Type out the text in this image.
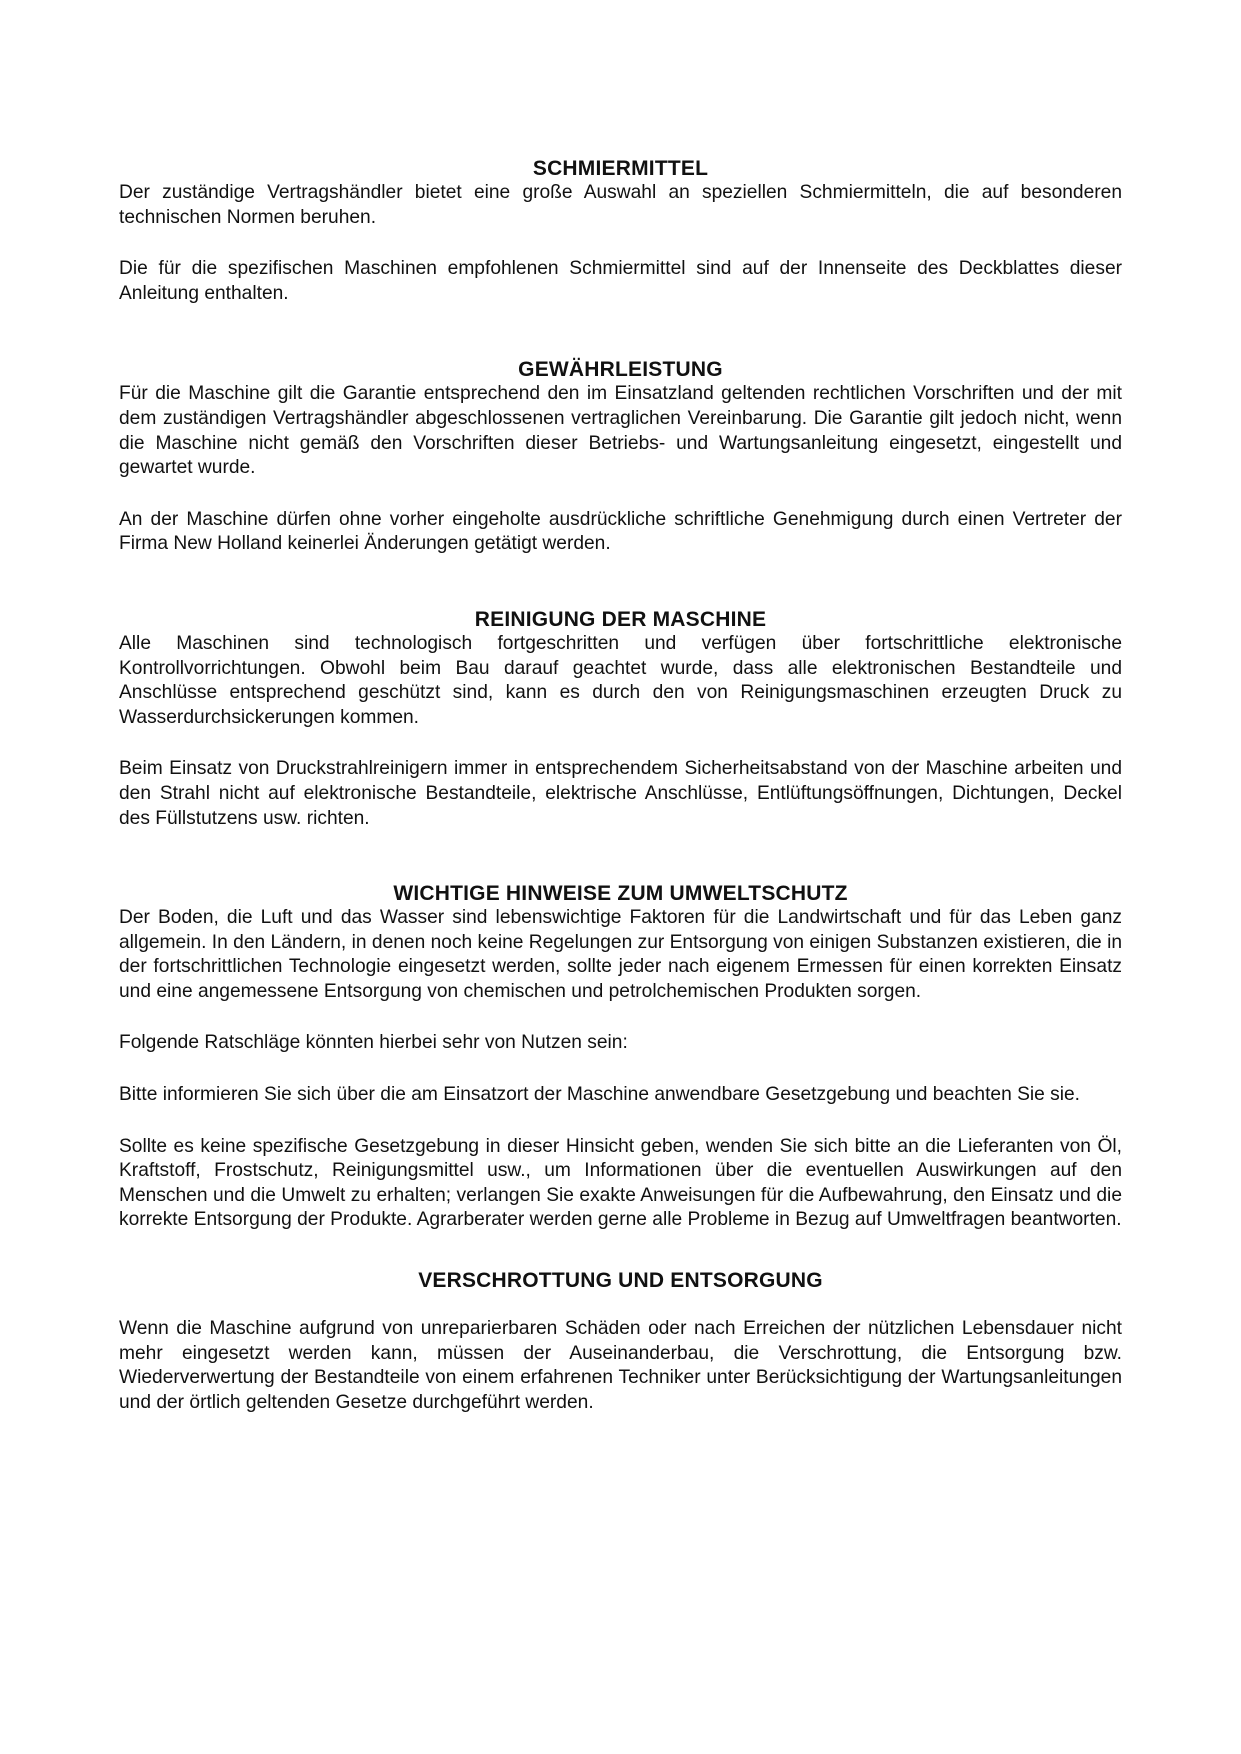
SCHMIERMITTEL

Der zuständige Vertragshändler bietet eine große Auswahl an speziellen Schmiermitteln, die auf besonderen technischen Normen beruhen.

Die für die spezifischen Maschinen empfohlenen Schmiermittel sind auf der Innenseite des Deckblattes dieser Anleitung enthalten.

GEWÄHRLEISTUNG

Für die Maschine gilt die Garantie entsprechend den im Einsatzland geltenden rechtlichen Vorschriften und der mit dem zuständigen Vertragshändler abgeschlossenen vertraglichen Vereinbarung. Die Garantie gilt jedoch nicht, wenn die Maschine nicht gemäß den Vorschriften dieser Betriebs- und Wartungsanleitung eingesetzt, eingestellt und gewartet wurde.

An der Maschine dürfen ohne vorher eingeholte ausdrückliche schriftliche Genehmigung durch einen Vertreter der Firma New Holland keinerlei Änderungen getätigt werden.

REINIGUNG DER MASCHINE

Alle Maschinen sind technologisch fortgeschritten und verfügen über fortschrittliche elektronische Kontrollvorrichtungen. Obwohl beim Bau darauf geachtet wurde, dass alle elektronischen Bestandteile und Anschlüsse entsprechend geschützt sind, kann es durch den von Reinigungsmaschinen erzeugten Druck zu Wasserdurchsickerungen kommen.

Beim Einsatz von Druckstrahlreinigern immer in entsprechendem Sicherheitsabstand von der Maschine arbeiten und den Strahl nicht auf elektronische Bestandteile, elektrische Anschlüsse, Entlüftungsöffnungen, Dichtungen, Deckel des Füllstutzens usw. richten.

WICHTIGE HINWEISE ZUM UMWELTSCHUTZ

Der Boden, die Luft und das Wasser sind lebenswichtige Faktoren für die Landwirtschaft und für das Leben ganz allgemein. In den Ländern, in denen noch keine Regelungen zur Entsorgung von einigen Substanzen existieren, die in der fortschrittlichen Technologie eingesetzt werden, sollte jeder nach eigenem Ermessen für einen korrekten Einsatz und eine angemessene Entsorgung von chemischen und petrolchemischen Produkten sorgen.

Folgende Ratschläge könnten hierbei sehr von Nutzen sein:

Bitte informieren Sie sich über die am Einsatzort der Maschine anwendbare Gesetzgebung und beachten Sie sie.

Sollte es keine spezifische Gesetzgebung in dieser Hinsicht geben, wenden Sie sich bitte an die Lieferanten von Öl, Kraftstoff, Frostschutz, Reinigungsmittel usw., um Informationen über die eventuellen Auswirkungen auf den Menschen und die Umwelt zu erhalten; verlangen Sie exakte Anweisungen für die Aufbewahrung, den Einsatz und die korrekte Entsorgung der Produkte. Agrarberater werden gerne alle Probleme in Bezug auf Umweltfragen beantworten.

VERSCHROTTUNG UND ENTSORGUNG

Wenn die Maschine aufgrund von unreparierbaren Schäden oder nach Erreichen der nützlichen Lebensdauer nicht mehr eingesetzt werden kann, müssen der Auseinanderbau, die Verschrottung, die Entsorgung bzw. Wiederverwertung der Bestandteile von einem erfahrenen Techniker unter Berücksichtigung der Wartungsanleitungen und der örtlich geltenden Gesetze durchgeführt werden.
